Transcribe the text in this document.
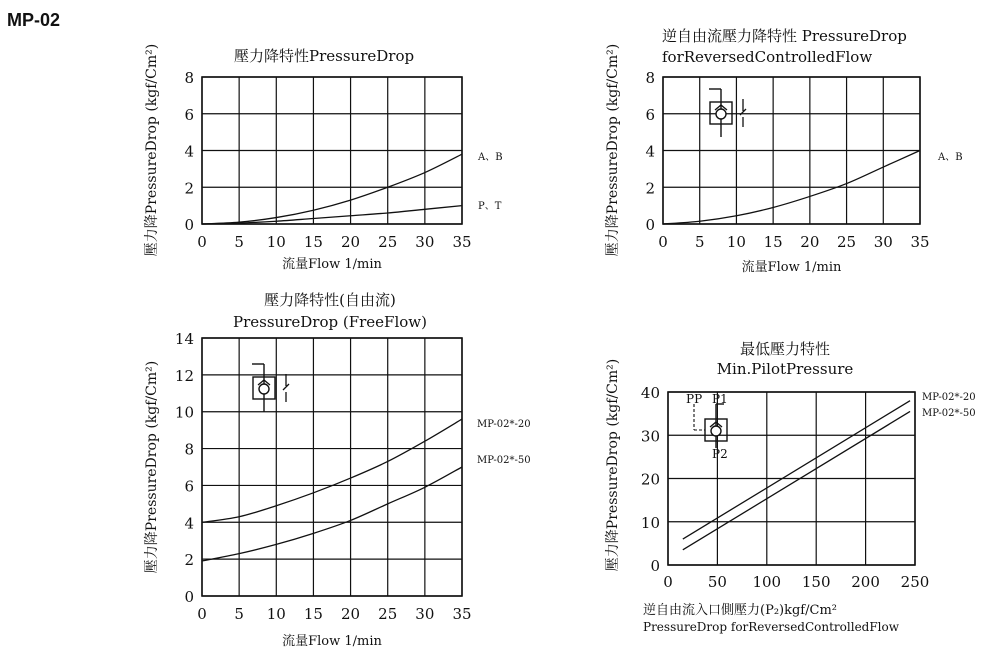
MP-02
0 5 10 15 20 25 30 35
0
2
4
6
8
壓力降特性PressureDrop
流量Flow 1/min
壓力降PressureDrop (kgf/Cm²)	A、B
P、T
0 5 10 15 20 25 30 35
0
2
4
6
8
逆自由流壓力降特性 PressureDrop
forReversedControlledFlow
流量Flow 1/min
壓力降PressureDrop (kgf/Cm²)	A、B
0 5 10 15 20 25 30 35
0
2
4
6
8
10
12
14
壓力降特性(自由流)
PressureDrop (FreeFlow)
流量Flow 1/min
壓力降PressureDrop (kgf/Cm²)	MP-02*-20
MP-02*-50
0 50 100 150 200 250
0
10
20
30
40
最低壓力特性
Min.PilotPressure
逆自由流入口側壓力(P₂)kgf/Cm²
PressureDrop forReversedControlledFlow
壓力降PressureDrop (kgf/Cm²)	MP-02*-20
MP-02*-50
PP P1
P2
